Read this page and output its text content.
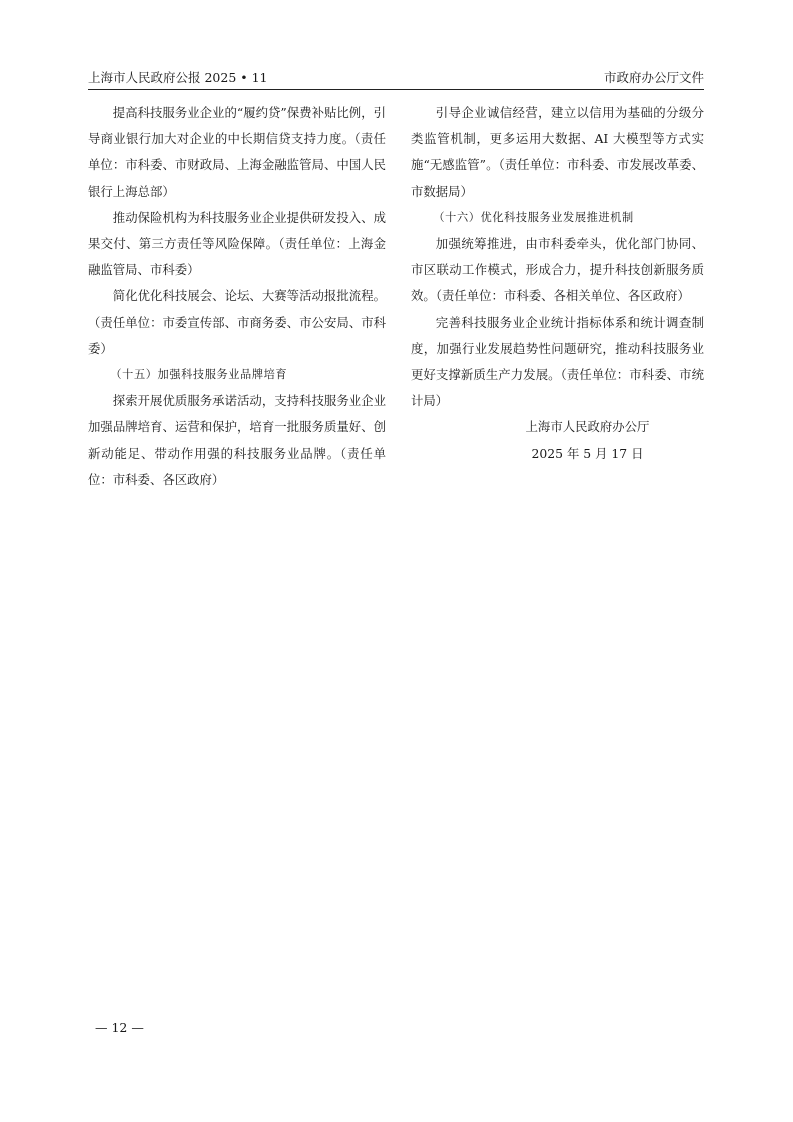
上海市人民政府公报 2025 • 11	市政府办公厅文件

提高科技服务业企业的“履约贷”保费补贴比例，引导商业银行加大对企业的中长期信贷支持力度。（责任单位：市科委、市财政局、上海金融监管局、中国人民银行上海总部）

推动保险机构为科技服务业企业提供研发投入、成果交付、第三方责任等风险保障。（责任单位：上海金融监管局、市科委）

简化优化科技展会、论坛、大赛等活动报批流程。（责任单位：市委宣传部、市商务委、市公安局、市科委）

（十五）加强科技服务业品牌培育

探索开展优质服务承诺活动，支持科技服务业企业加强品牌培育、运营和保护，培育一批服务质量好、创新动能足、带动作用强的科技服务业品牌。（责任单位：市科委、各区政府）

引导企业诚信经营，建立以信用为基础的分级分类监管机制，更多运用大数据、AI 大模型等方式实施“无感监管”。（责任单位：市科委、市发展改革委、市数据局）

（十六）优化科技服务业发展推进机制

加强统筹推进，由市科委牵头，优化部门协同、市区联动工作模式，形成合力，提升科技创新服务质效。（责任单位：市科委、各相关单位、各区政府）

完善科技服务业企业统计指标体系和统计调查制度，加强行业发展趋势性问题研究，推动科技服务业更好支撑新质生产力发展。（责任单位：市科委、市统计局）

上海市人民政府办公厅

2025 年 5 月 17 日

— 12 —
